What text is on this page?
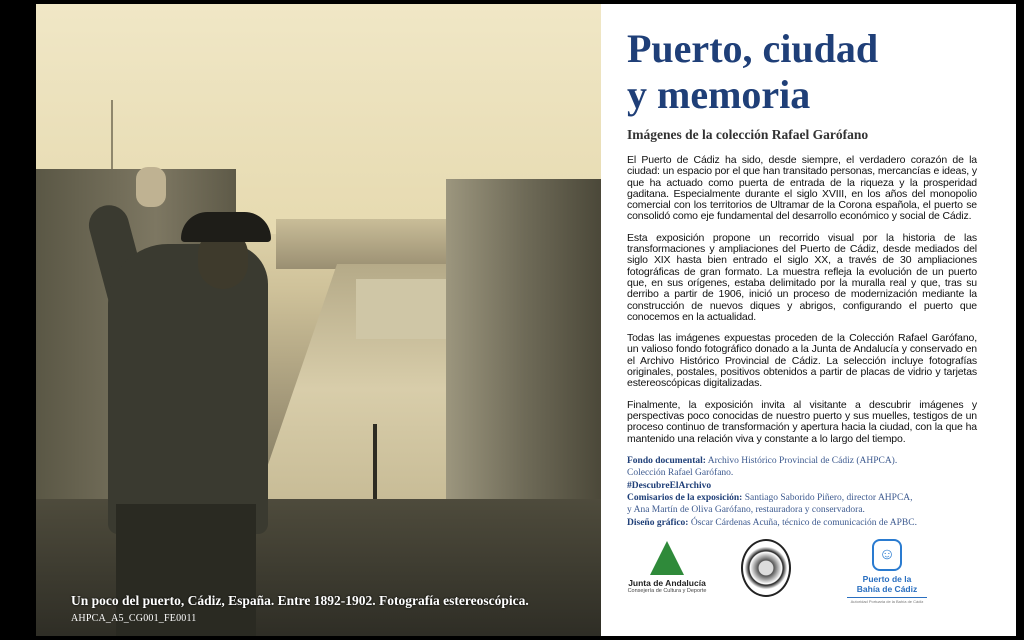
Un poco del puerto, Cádiz, España. Entre 1892-1902. Fotografía estereoscópica.
AHPCA_A5_CG001_FE0011
Puerto, ciudad
y memoria
Imágenes de la colección Rafael Garófano

El Puerto de Cádiz ha sido, desde siempre, el verdadero corazón de la ciudad: un espacio por el que han transitado personas, mercancías e ideas, y que ha actuado como puerta de entrada de la riqueza y la prosperidad gaditana. Especialmente durante el siglo XVIII, en los años del monopolio comercial con los territorios de Ultramar de la Corona española, el puerto se consolidó como eje fundamental del desarrollo económico y social de Cádiz.

Esta exposición propone un recorrido visual por la historia de las transformaciones y ampliaciones del Puerto de Cádiz, desde mediados del siglo XIX hasta bien entrado el siglo XX, a través de 30 ampliaciones fotográficas de gran formato. La muestra refleja la evolución de un puerto que, en sus orígenes, estaba delimitado por la muralla real y que, tras su derribo a partir de 1906, inició un proceso de modernización mediante la construcción de nuevos diques y abrigos, configurando el puerto que conocemos en la actualidad.

Todas las imágenes expuestas proceden de la Colección Rafael Garófano, un valioso fondo fotográfico donado a la Junta de Andalucía y conservado en el Archivo Histórico Provincial de Cádiz. La selección incluye fotografías originales, postales, positivos obtenidos a partir de placas de vidrio y tarjetas estereoscópicas digitalizadas.

Finalmente, la exposición invita al visitante a descubrir imágenes y perspectivas poco conocidas de nuestro puerto y sus muelles, testigos de un proceso continuo de transformación y apertura hacia la ciudad, con la que ha mantenido una relación viva y constante a lo largo del tiempo.

Fondo documental: Archivo Histórico Provincial de Cádiz (AHPCA).
Colección Rafael Garófano.
#DescubreElArchivo
Comisarios de la exposición: Santiago Saborido Piñero, director AHPCA,
y Ana Martín de Oliva Garófano, restauradora y conservadora.
Diseño gráfico: Óscar Cárdenas Acuña, técnico de comunicación de APBC.
Junta de Andalucía
Consejería de Cultura y Deporte
☺
Puerto de la
Bahía de Cádiz
Autoridad Portuaria de la Bahía de Cádiz
